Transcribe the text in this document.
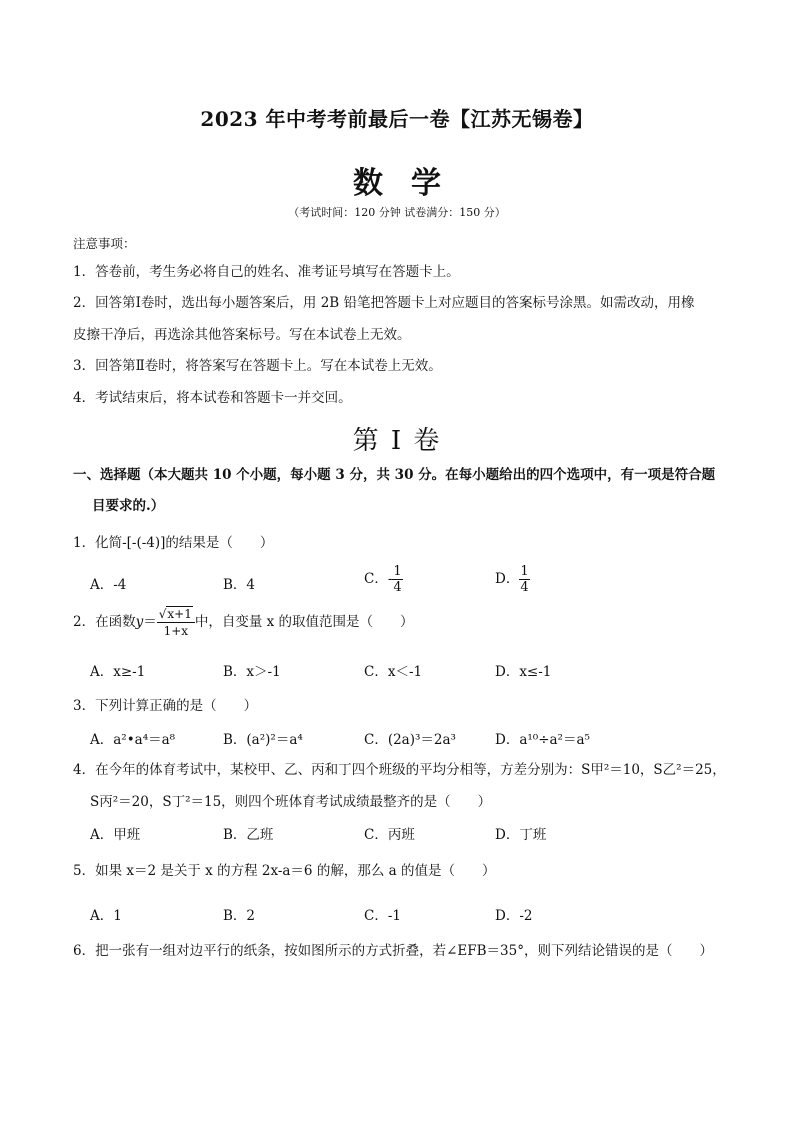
2023 年中考考前最后一卷【江苏无锡卷】
数学
（考试时间：120 分钟 试卷满分：150 分）
注意事项：
1．答卷前，考生务必将自己的姓名、准考证号填写在答题卡上。
2．回答第Ⅰ卷时，选出每小题答案后，用 2B 铅笔把答题卡上对应题目的答案标号涂黑。如需改动，用橡
皮擦干净后，再选涂其他答案标号。写在本试卷上无效。
3．回答第Ⅱ卷时，将答案写在答题卡上。写在本试卷上无效。
4．考试结束后，将本试卷和答题卡一并交回。
第 I 卷
一、选择题（本大题共 10 个小题，每小题 3 分，共 30 分。在每小题给出的四个选项中，有一项是符合题
目要求的.）
1．化简-[-(-4)]的结果是（　　）
A．-4	B．4	C．- $\frac{1}{4}$	D． $\frac{1}{4}$
2．在函数$y= \frac{√x+1}{1+x}$ 中，自变量 x 的取值范围是（　　）
A．x≥-1	B．x＞-1	C．x＜-1	D．x≤-1
3．下列计算正确的是（　　）
A．a²•a⁴＝a⁸	B．(a²)²＝a⁴	C．(2a)³＝2a³	D．a¹⁰÷a²＝a⁵
4．在今年的体育考试中，某校甲、乙、丙和丁四个班级的平均分相等，方差分别为：S甲²＝10，S乙²＝25，
S丙²＝20，S丁²＝15，则四个班体育考试成绩最整齐的是（　　）
A．甲班	B．乙班	C．丙班	D．丁班
5．如果 x＝2 是关于 x 的方程 2x-a＝6 的解，那么 a 的值是（　　）
A．1	B．2	C．-1	D．-2
6．把一张有一组对边平行的纸条，按如图所示的方式折叠，若∠EFB＝35°，则下列结论错误的是（　　）
